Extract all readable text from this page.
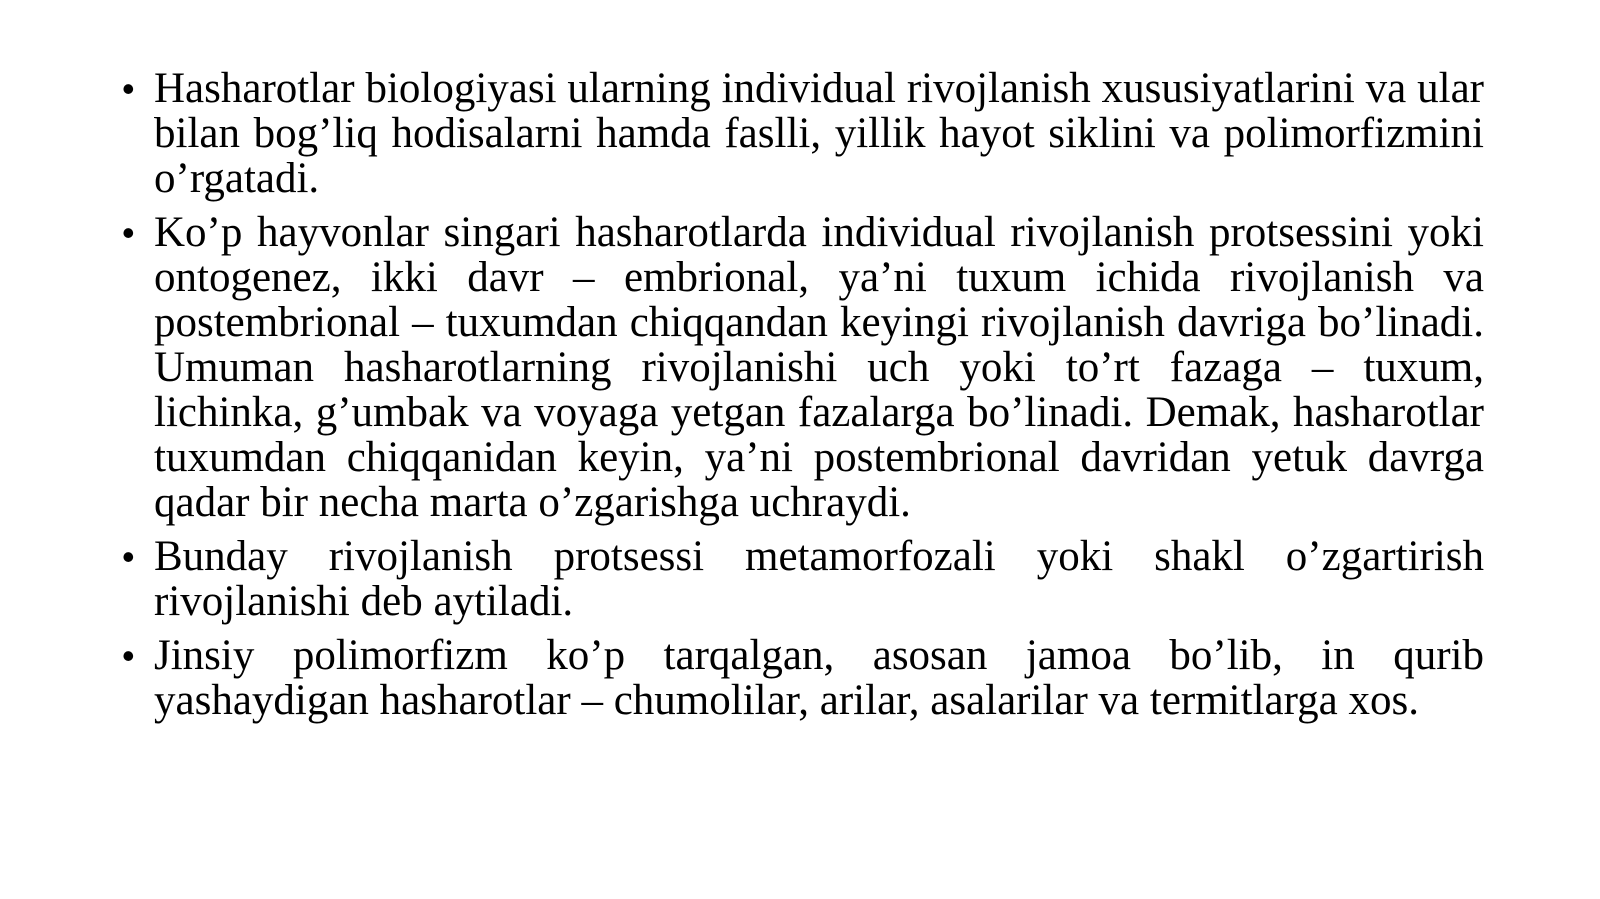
• Hasharotlar biologiyasi ularning individual rivojlanish xususiyatlarini va ular bilan bog’liq hodisalarni hamda faslli, yillik hayot siklini va polimorfizmini o’rgatadi.
• Ko’p hayvonlar singari hasharotlarda individual rivojlanish protsessini yoki ontogenez, ikki davr – embrional, ya’ni tuxum ichida rivojlanish va postembrional – tuxumdan chiqqandan keyingi rivojlanish davriga bo’linadi. Umuman hasharotlarning rivojlanishi uch yoki to’rt fazaga – tuxum, lichinka, g’umbak va voyaga yetgan fazalarga bo’linadi. Demak, hasharotlar tuxumdan chiqqanidan keyin, ya’ni postembrional davridan yetuk davrga qadar bir necha marta o’zgarishga uchraydi.
• Bunday rivojlanish protsessi metamorfozali yoki shakl o’zgartirish rivojlanishi deb aytiladi.
• Jinsiy polimorfizm ko’p tarqalgan, asosan jamoa bo’lib, in qurib yashaydigan hasharotlar – chumolilar, arilar, asalarilar va termitlarga xos.
